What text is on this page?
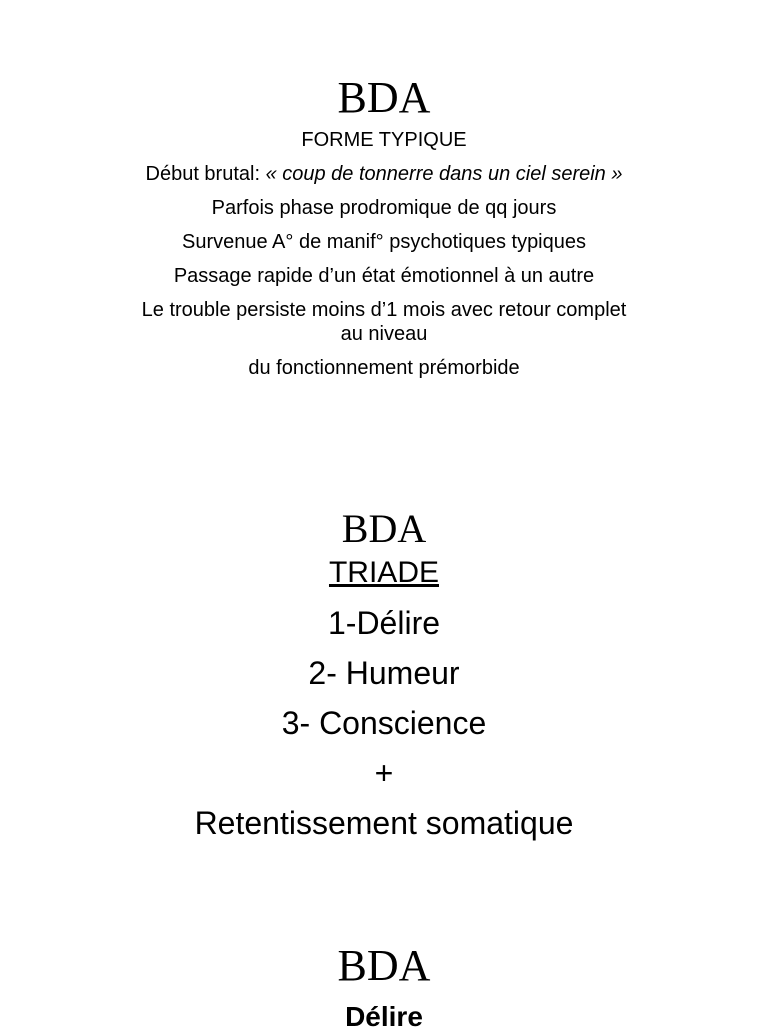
BDA

FORME TYPIQUE

Début brutal: « coup de tonnerre dans un ciel serein »

Parfois phase prodromique de qq jours

Survenue A° de manif° psychotiques typiques

Passage rapide d’un état émotionnel à un autre

Le trouble persiste moins d’1 mois avec retour complet au niveau

du fonctionnement prémorbide

BDA

TRIADE

1-Délire

2- Humeur

3- Conscience

+

Retentissement somatique

BDA

Délire
